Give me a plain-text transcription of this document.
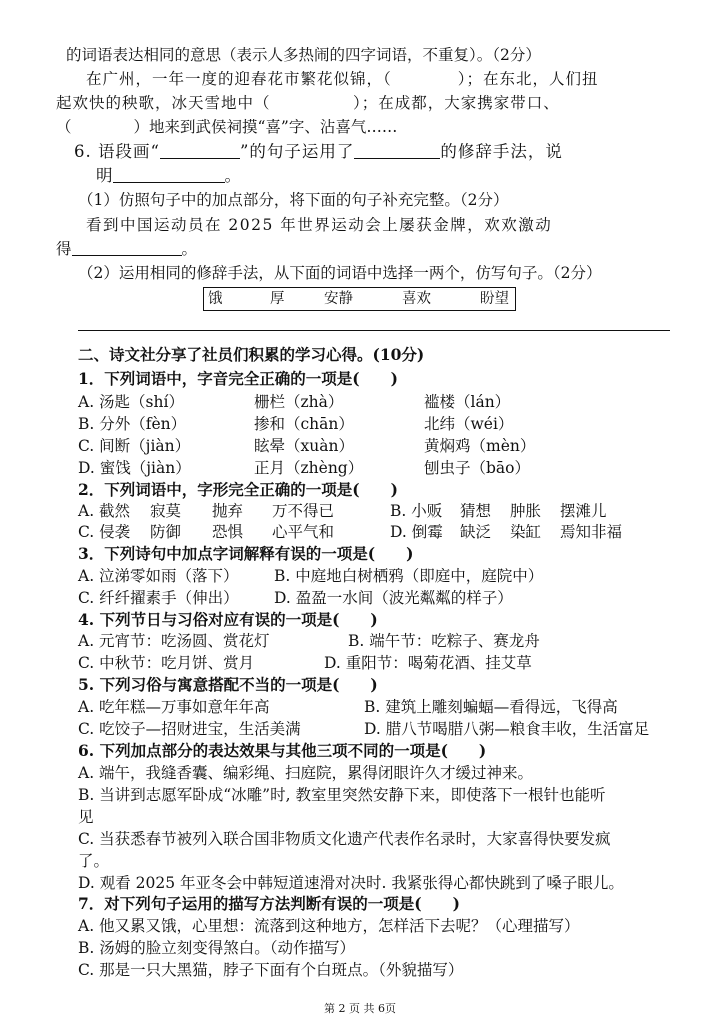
的词语表达相同的意思（表示人多热闹的四字词语，不重复）。（2分）
在广州，一年一度的迎春花市繁花似锦，（　　　　）；在东北，人们扭
起欢快的秧歌，冰天雪地中（　　　　　）；在成都，大家携家带口、
（　　　　）地来到武侯祠摸“喜”字、沾喜气……
6. 语段画“	”的句子运用了	的修辞手法，说
明	。
（1）仿照句子中的加点部分，将下面的句子补充完整。（2分）
看到中国运动员在 2025 年世界运动会上屡获金牌，欢欢激动
得	。
（2）运用相同的修辞手法，从下面的词语中选择一两个，仿写句子。（2分）
饿	厚	安静	喜欢	盼望
二、诗文社分享了社员们积累的学习心得。(10分)
1．下列词语中，字音完全正确的一项是(　　)
A. 汤匙（shí）	栅栏（zhà）	褴楼（lán）
B. 分外（fèn）	掺和（chān）	北纬（wéi）
C. 间断（jiàn）	眩晕（xuàn）	黄焖鸡（mèn）
D. 蜜饯（jiàn）	正月（zhèng）	刨虫子（bāo）
2．下列词语中，字形完全正确的一项是(　　)
A. 截然 寂莫 抛弃 万不得已	B. 小贩 猜想 肿胀 摆滩儿
C. 侵袭 防御 恐惧 心平气和	D. 倒霉 缺泛 染缸 焉知非福
3．下列诗句中加点字词解释有误的一项是(　　)
A. 泣涕零如雨（落下） B. 中庭地白树栖鸦（即庭中，庭院中）
C. 纤纤擢素手（伸出） D. 盈盈一水间（波光粼粼的样子）
4. 下列节日与习俗对应有误的一项是(　　)
A. 元宵节：吃汤圆、赏花灯	B. 端午节：吃粽子、赛龙舟
C. 中秋节：吃月饼、赏月	D. 重阳节：喝菊花酒、挂艾草
5. 下列习俗与寓意搭配不当的一项是(　　)
A. 吃年糕—万事如意年年高	B. 建筑上雕刻蝙蝠—看得远，飞得高
C. 吃饺子—招财进宝，生活美满	D. 腊八节喝腊八粥—粮食丰收，生活富足
6. 下列加点部分的表达效果与其他三项不同的一项是(　　)
A. 端午，我缝香囊、编彩绳、扫庭院，累得闭眼许久才缓过神来。
B. 当讲到志愿军卧成“冰雕”时, 教室里突然安静下来，即使落下一根针也能听
见
C. 当获悉春节被列入联合国非物质文化遗产代表作名录时，大家喜得快要发疯
了。
D. 观看 2025 年亚冬会中韩短道速滑对决时. 我紧张得心都快跳到了嗓子眼儿。
7．对下列句子运用的描写方法判断有误的一项是(　　)
A. 他又累又饿，心里想：流落到这种地方，怎样活下去呢？（心理描写）
B. 汤姆的脸立刻变得煞白。（动作描写）
C. 那是一只大黑猫，脖子下面有个白斑点。（外貌描写）
第 2 页 共 6页
